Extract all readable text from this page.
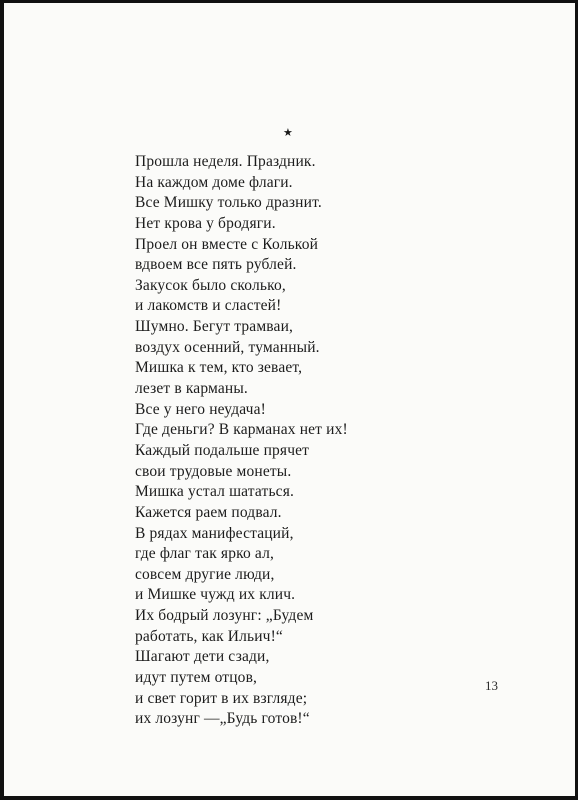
★
Прошла неделя. Праздник.
На каждом доме флаги.
Все Мишку только дразнит.
Нет крова у бродяги.
Проел он вместе с Колькой
вдвоем все пять рублей.
Закусок было сколько,
и лакомств и сластей!
Шумно. Бегут трамваи,
воздух осенний, туманный.
Мишка к тем, кто зевает,
лезет в карманы.
Все у него неудача!
Где деньги? В карманах нет их!
Каждый подальше прячет
свои трудовые монеты.
Мишка устал шататься.
Кажется раем подвал.
В рядах манифестаций,
где флаг так ярко ал,
совсем другие люди,
и Мишке чужд их клич.
Их бодрый лозунг: „Будем
работать, как Ильич!“
Шагают дети сзади,
идут путем отцов,
и свет горит в их взгляде;
их лозунг —„Будь готов!“
13
